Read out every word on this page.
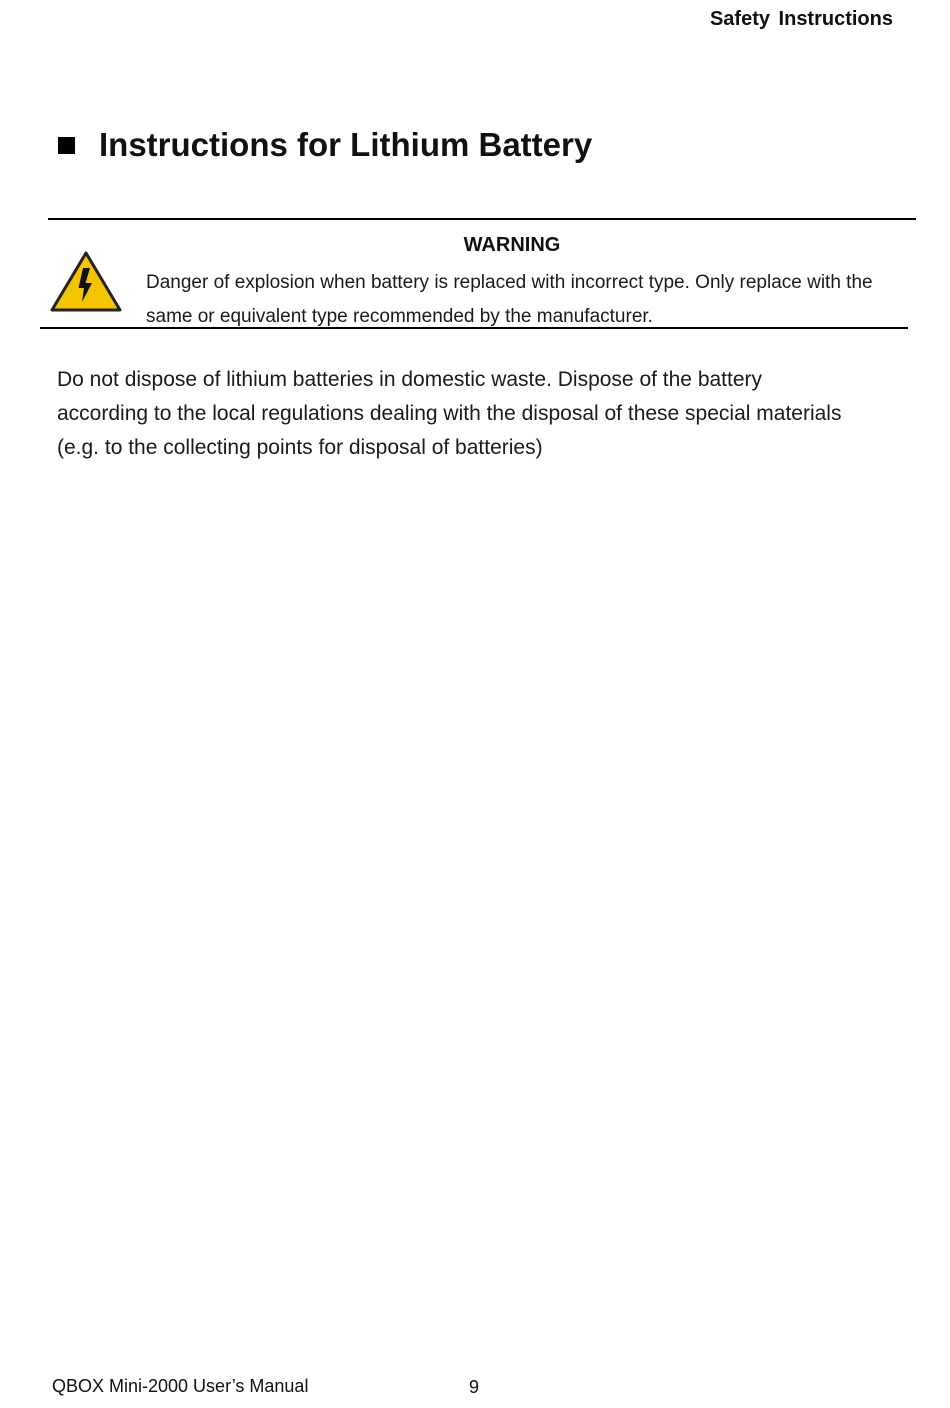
Safety Instructions
Instructions for Lithium Battery
WARNING
Danger of explosion when battery is replaced with incorrect type. Only replace with the same or equivalent type recommended by the manufacturer.
Do not dispose of lithium batteries in domestic waste. Dispose of the battery according to the local regulations dealing with the disposal of these special materials (e.g. to the collecting points for disposal of batteries)
QBOX Mini-2000 User’s Manual	9
